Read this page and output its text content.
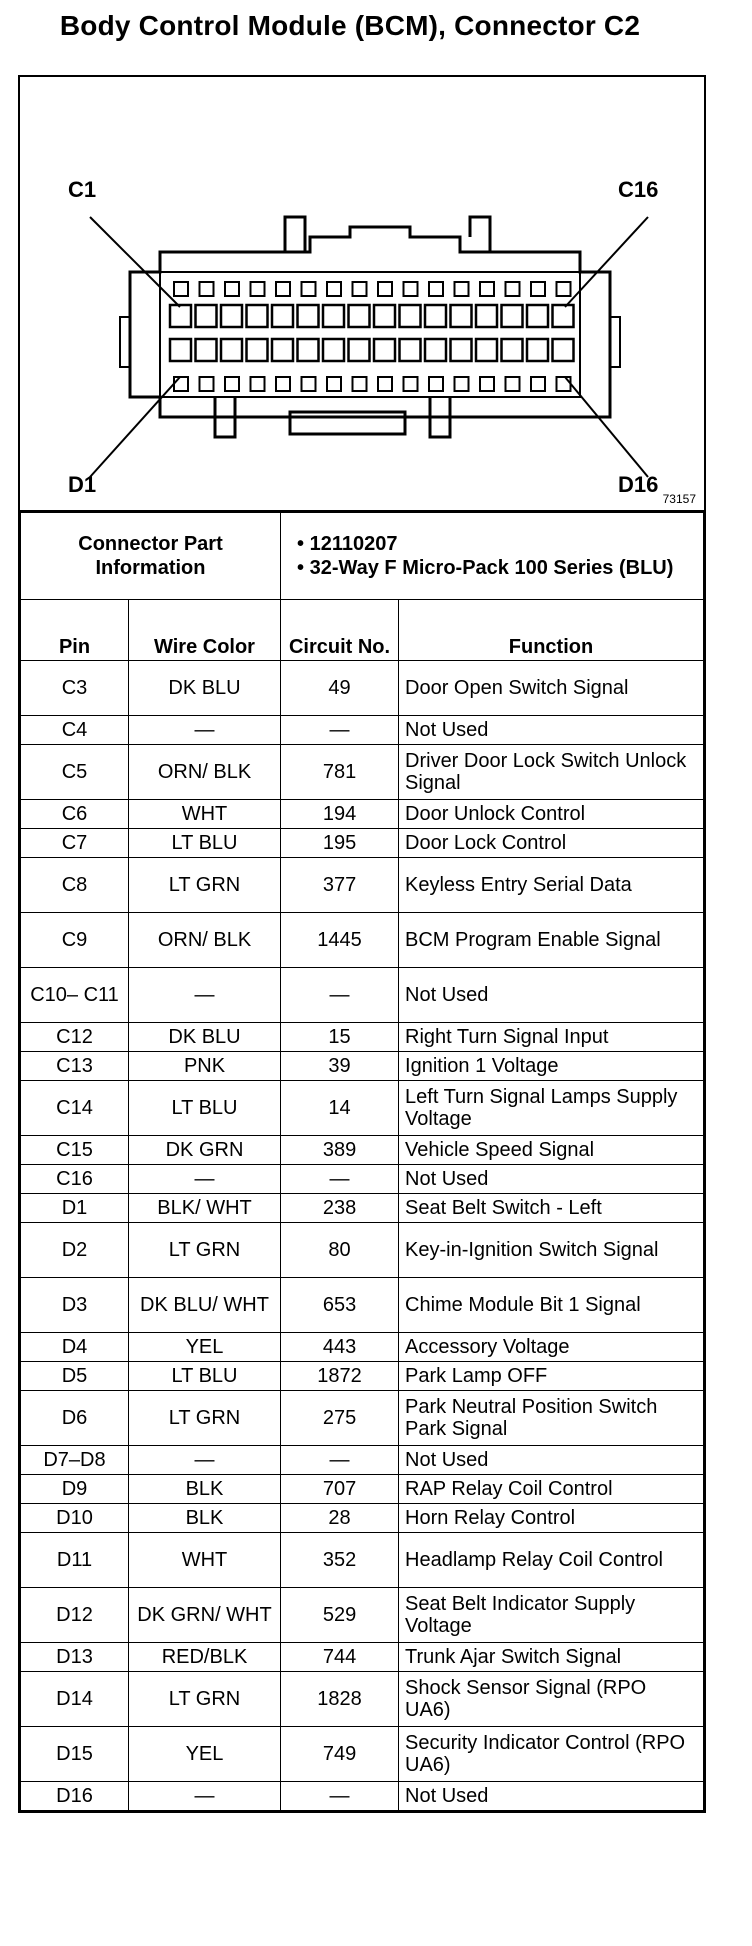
Body Control Module (BCM), Connector C2
C1	C16
D1	D16
73157
Connector Part Information		• 12110207
• 32-Way F Micro-Pack 100 Series (BLU)	

Pin	Wire Color	Circuit No.	Function
C3	DK BLU	49	Door Open Switch Signal
C4	—	—	Not Used
C5	ORN/ BLK	781	Driver Door Lock Switch Unlock Signal
C6	WHT	194	Door Unlock Control
C7	LT BLU	195	Door Lock Control
C8	LT GRN	377	Keyless Entry Serial Data
C9	ORN/ BLK	1445	BCM Program Enable Signal
C10– C11	—	—	Not Used
C12	DK BLU	15	Right Turn Signal Input
C13	PNK	39	Ignition 1 Voltage
C14	LT BLU	14	Left Turn Signal Lamps Supply Voltage
C15	DK GRN	389	Vehicle Speed Signal
C16	—	—	Not Used
D1	BLK/ WHT	238	Seat Belt Switch - Left
D2	LT GRN	80	Key-in-Ignition Switch Signal
D3	DK BLU/ WHT	653	Chime Module Bit 1 Signal
D4	YEL	443	Accessory Voltage
D5	LT BLU	1872	Park Lamp OFF
D6	LT GRN	275	Park Neutral Position Switch Park Signal
D7–D8	—	—	Not Used
D9	BLK	707	RAP Relay Coil Control
D10	BLK	28	Horn Relay Control
D11	WHT	352	Headlamp Relay Coil Control
D12	DK GRN/ WHT	529	Seat Belt Indicator Supply Voltage
D13	RED/BLK	744	Trunk Ajar Switch Signal
D14	LT GRN	1828	Shock Sensor Signal (RPO UA6)
D15	YEL	749	Security Indicator Control (RPO UA6)
D16	—	—	Not Used
